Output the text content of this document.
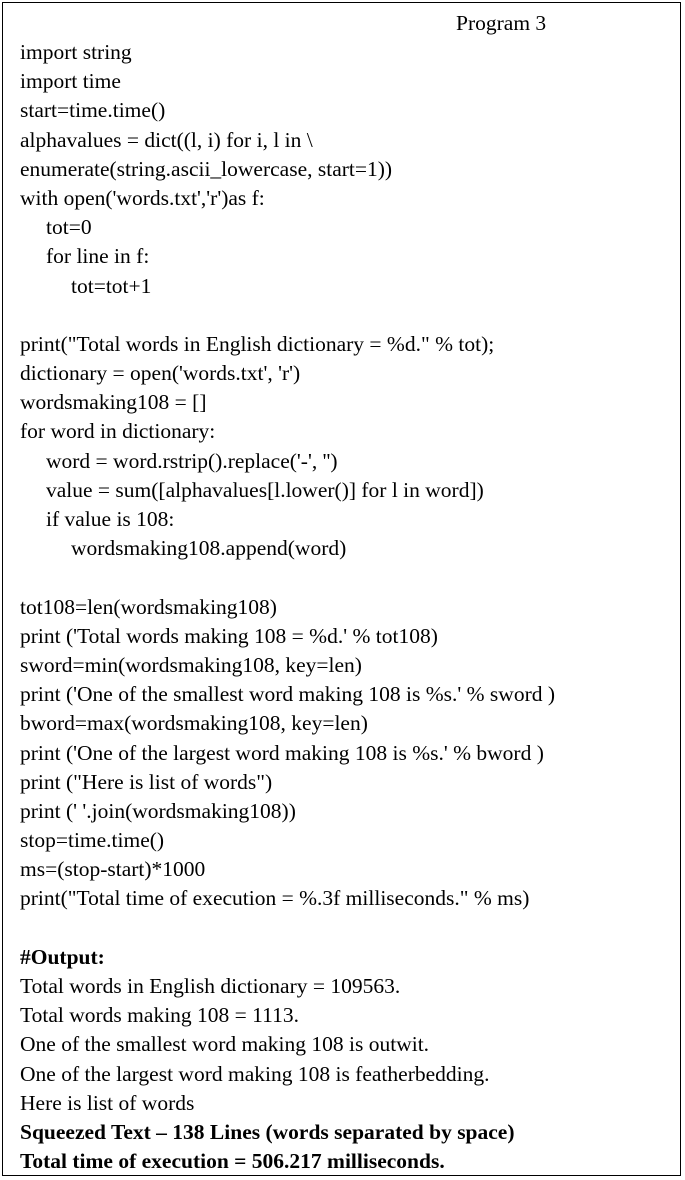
Program 3
import string
import time
start=time.time()
alphavalues = dict((l, i) for i, l in \
enumerate(string.ascii_lowercase, start=1))
with open('words.txt','r')as f:
tot=0
for line in f:
tot=tot+1
print("Total words in English dictionary = %d." % tot);
dictionary = open('words.txt', 'r')
wordsmaking108 = []
for word in dictionary:
word = word.rstrip().replace('-', '')
value = sum([alphavalues[l.lower()] for l in word])
if value is 108:
wordsmaking108.append(word)
tot108=len(wordsmaking108)
print ('Total words making 108 = %d.' % tot108)
sword=min(wordsmaking108, key=len)
print ('One of the smallest word making 108 is %s.' % sword )
bword=max(wordsmaking108, key=len)
print ('One of the largest word making 108 is %s.' % bword )
print ("Here is list of words")
print (' '.join(wordsmaking108))
stop=time.time()
ms=(stop-start)*1000
print("Total time of execution = %.3f milliseconds." % ms)
#Output:
Total words in English dictionary = 109563.
Total words making 108 = 1113.
One of the smallest word making 108 is outwit.
One of the largest word making 108 is featherbedding.
Here is list of words
Squeezed Text – 138 Lines (words separated by space)
Total time of execution = 506.217 milliseconds.
